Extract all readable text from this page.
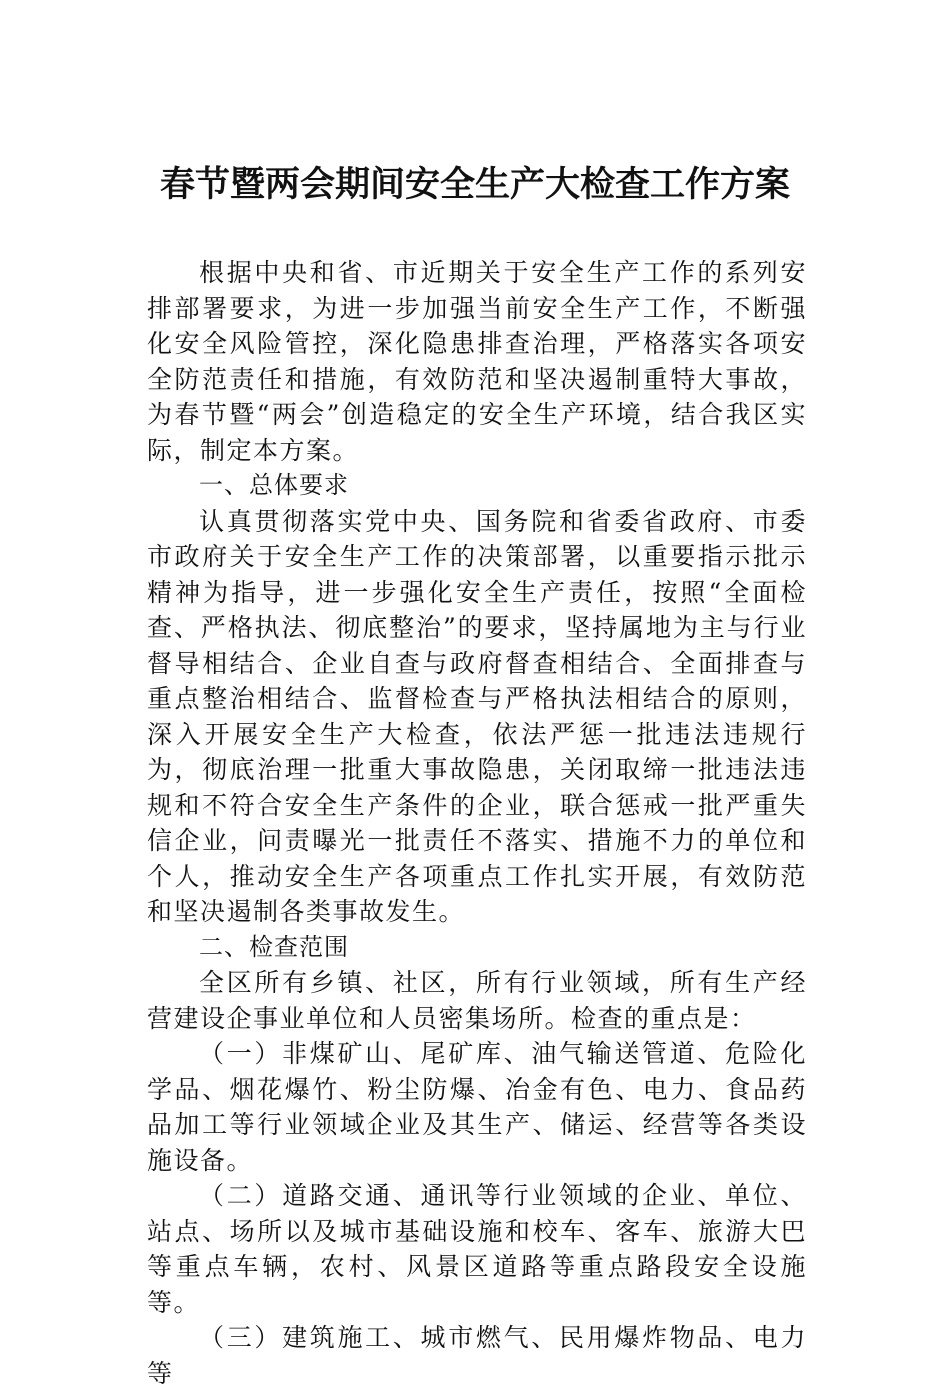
春节暨两会期间安全生产大检查工作方案

根据中央和省、市近期关于安全生产工作的系列安排部署要求，为进一步加强当前安全生产工作，不断强化安全风险管控，深化隐患排查治理，严格落实各项安全防范责任和措施，有效防范和坚决遏制重特大事故，为春节暨“两会”创造稳定的安全生产环境，结合我区实际，制定本方案。

一、总体要求

认真贯彻落实党中央、国务院和省委省政府、市委市政府关于安全生产工作的决策部署，以重要指示批示精神为指导，进一步强化安全生产责任，按照“全面检查、严格执法、彻底整治”的要求，坚持属地为主与行业督导相结合、企业自查与政府督查相结合、全面排查与重点整治相结合、监督检查与严格执法相结合的原则，深入开展安全生产大检查，依法严惩一批违法违规行为，彻底治理一批重大事故隐患，关闭取缔一批违法违规和不符合安全生产条件的企业，联合惩戒一批严重失信企业，问责曝光一批责任不落实、措施不力的单位和个人，推动安全生产各项重点工作扎实开展，有效防范和坚决遏制各类事故发生。

二、检查范围

全区所有乡镇、社区，所有行业领域，所有生产经营建设企事业单位和人员密集场所。检查的重点是：

（一）非煤矿山、尾矿库、油气输送管道、危险化学品、烟花爆竹、粉尘防爆、冶金有色、电力、食品药品加工等行业领域企业及其生产、储运、经营等各类设施设备。

（二）道路交通、通讯等行业领域的企业、单位、站点、场所以及城市基础设施和校车、客车、旅游大巴等重点车辆，农村、风景区道路等重点路段安全设施等。

（三）建筑施工、城市燃气、民用爆炸物品、电力等
